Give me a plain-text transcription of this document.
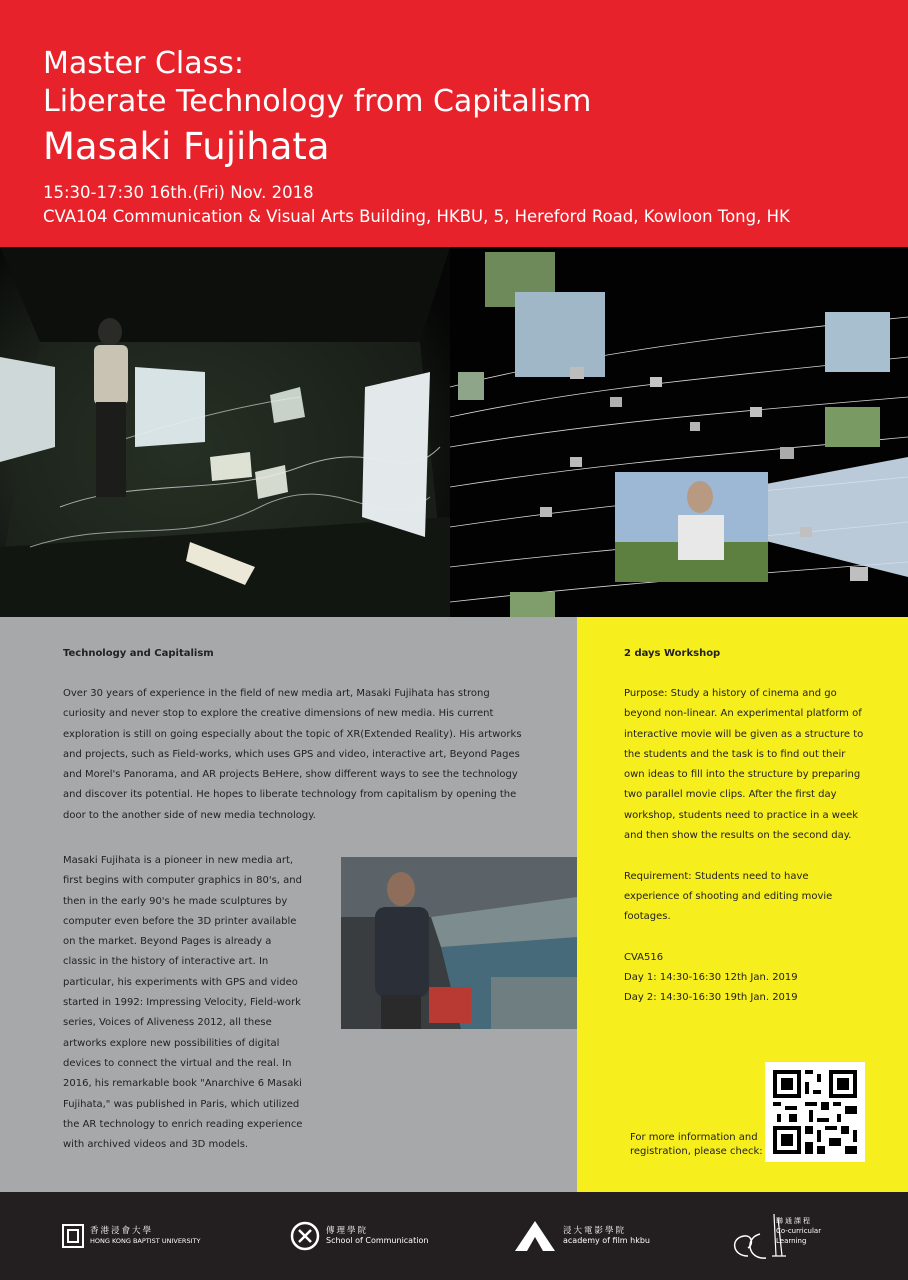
Master Class:
Liberate Technology from Capitalism
Masaki Fujihata
15:30-17:30 16th.(Fri) Nov. 2018
CVA104 Communication & Visual Arts Building, HKBU, 5, Hereford Road, Kowloon Tong, HK
Technology and Capitalism
Over 30 years of experience in the field of new media art, Masaki Fujihata has strong curiosity and never stop to explore the creative dimensions of new media. His current exploration is still on going especially about the topic of XR(Extended Reality). His artworks and projects, such as Field-works, which uses GPS and video, interactive art, Beyond Pages and Morel's Panorama, and AR projects BeHere, show different ways to see the technology and discover its potential. He hopes to liberate technology from capitalism by opening the door to the another side of new media technology.
Masaki Fujihata is a pioneer in new media art, first begins with computer graphics in 80's, and then in the early 90's he made sculptures by computer even before the 3D printer available on the market. Beyond Pages is already a classic in the history of interactive art. In particular, his experiments with GPS and video started in 1992: Impressing Velocity, Field-work series, Voices of Aliveness 2012, all these artworks explore new possibilities of digital devices to connect the virtual and the real. In 2016, his remarkable book "Anarchive 6 Masaki Fujihata," was published in Paris, which utilized the AR technology to enrich reading experience with archived videos and 3D models.
2 days Workshop

Purpose: Study a history of cinema and go beyond non-linear. An experimental platform of interactive movie will be given as a structure to the students and the task is to find out their own ideas to fill into the structure by preparing two parallel movie clips. After the first day workshop, students need to practice in a week and then show the results on the second day.

Requirement: Students need to have experience of shooting and editing movie footages.

CVA516

Day 1: 14:30-16:30 12th Jan. 2019

Day 2: 14:30-16:30 19th Jan. 2019

For more information and registration, please check:
香港浸會大學
HONG KONG BAPTIST UNIVERSITY
傳理學院
School of Communication
浸大電影學院
academy of film hkbu
聯通課程
Co-curricular
Learning
